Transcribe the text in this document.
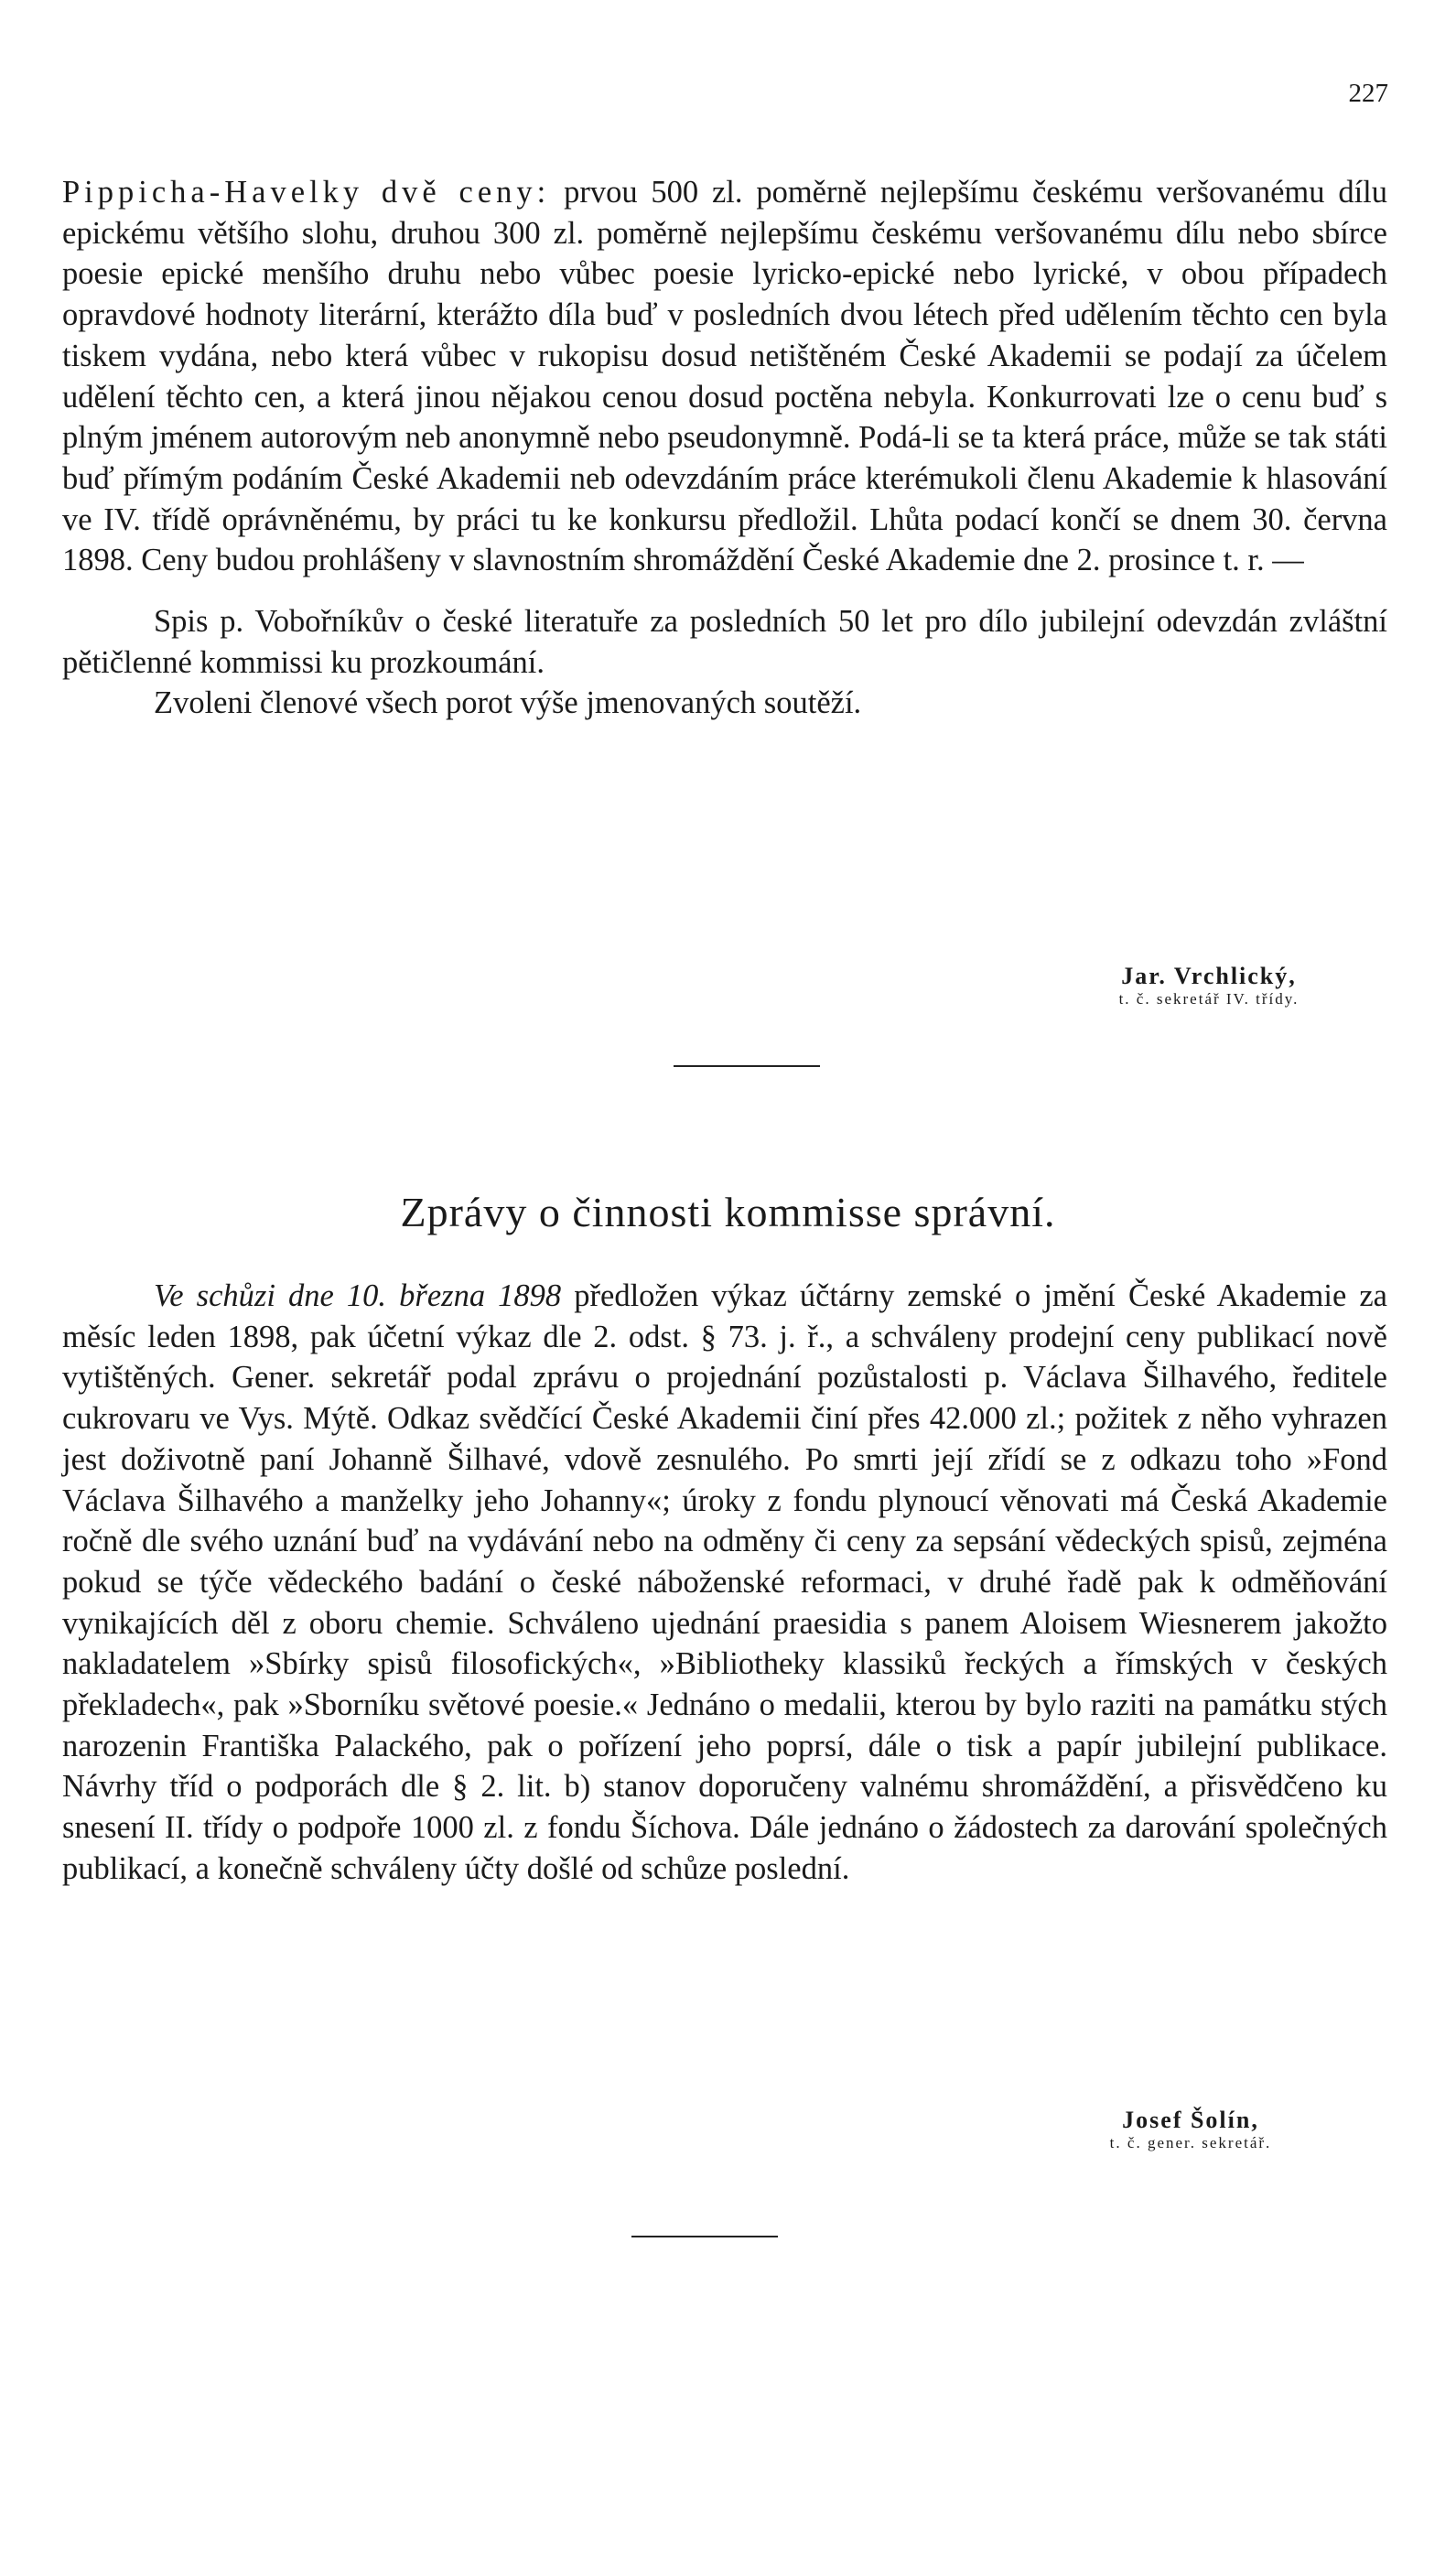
227

Pippicha-Havelky dvě ceny: prvou 500 zl. poměrně nejlepšímu českému veršovanému dílu epickému většího slohu, druhou 300 zl. poměrně nejlepšímu českému veršovanému dílu nebo sbírce poesie epické menšího druhu nebo vůbec poesie lyricko-epické nebo lyrické, v obou případech opravdové hodnoty literární, kterážto díla buď v posledních dvou létech před udělením těchto cen byla tiskem vydána, nebo která vůbec v rukopisu dosud netištěném České Akademii se podají za účelem udělení těchto cen, a která jinou nějakou cenou dosud poctěna nebyla. Konkurrovati lze o cenu buď s plným jménem autorovým neb anonymně nebo pseudonymně. Podá-li se ta která práce, může se tak státi buď přímým podáním České Akademii neb odevzdáním práce kterémukoli členu Akademie k hlasování ve IV. třídě oprávněnému, by práci tu ke konkursu předložil. Lhůta podací končí se dnem 30. června 1898. Ceny budou prohlášeny v slavnostním shromáždění České Akademie dne 2. prosince t. r. —

Spis p. Vobořníkův o české literatuře za posledních 50 let pro dílo jubilejní odevzdán zvláštní pětičlenné kommissi ku prozkoumání.

Zvoleni členové všech porot výše jmenovaných soutěží.

Jar. Vrchlický,
t. č. sekretář IV. třídy.
Zprávy o činnosti kommisse správní.

Ve schůzi dne 10. března 1898 předložen výkaz účtárny zemské o jmění České Akademie za měsíc leden 1898, pak účetní výkaz dle 2. odst. § 73. j. ř., a schváleny prodejní ceny publikací nově vytištěných. Gener. sekretář podal zprávu o projednání pozůstalosti p. Václava Šilhavého, ředitele cukrovaru ve Vys. Mýtě. Odkaz svědčící České Akademii činí přes 42.000 zl.; požitek z něho vyhrazen jest doživotně paní Johanně Šilhavé, vdově zesnulého. Po smrti její zřídí se z odkazu toho »Fond Václava Šilhavého a manželky jeho Johanny«; úroky z fondu plynoucí věnovati má Česká Akademie ročně dle svého uznání buď na vydávání nebo na odměny či ceny za sepsání vědeckých spisů, zejména pokud se týče vědeckého badání o české náboženské reformaci, v druhé řadě pak k odměňování vynikajících děl z oboru chemie. Schváleno ujednání praesidia s panem Aloisem Wiesnerem jakožto nakladatelem »Sbírky spisů filosofických«, »Bibliotheky klassiků řeckých a římských v českých překladech«, pak »Sborníku světové poesie.« Jednáno o medalii, kterou by bylo raziti na památku stých narozenin Františka Palackého, pak o pořízení jeho poprsí, dále o tisk a papír jubilejní publikace. Návrhy tříd o podporách dle § 2. lit. b) stanov doporučeny valnému shromáždění, a přisvědčeno ku snesení II. třídy o podpoře 1000 zl. z fondu Šíchova. Dále jednáno o žádostech za darování společných publikací, a konečně schváleny účty došlé od schůze poslední.

Josef Šolín,
t. č. gener. sekretář.
